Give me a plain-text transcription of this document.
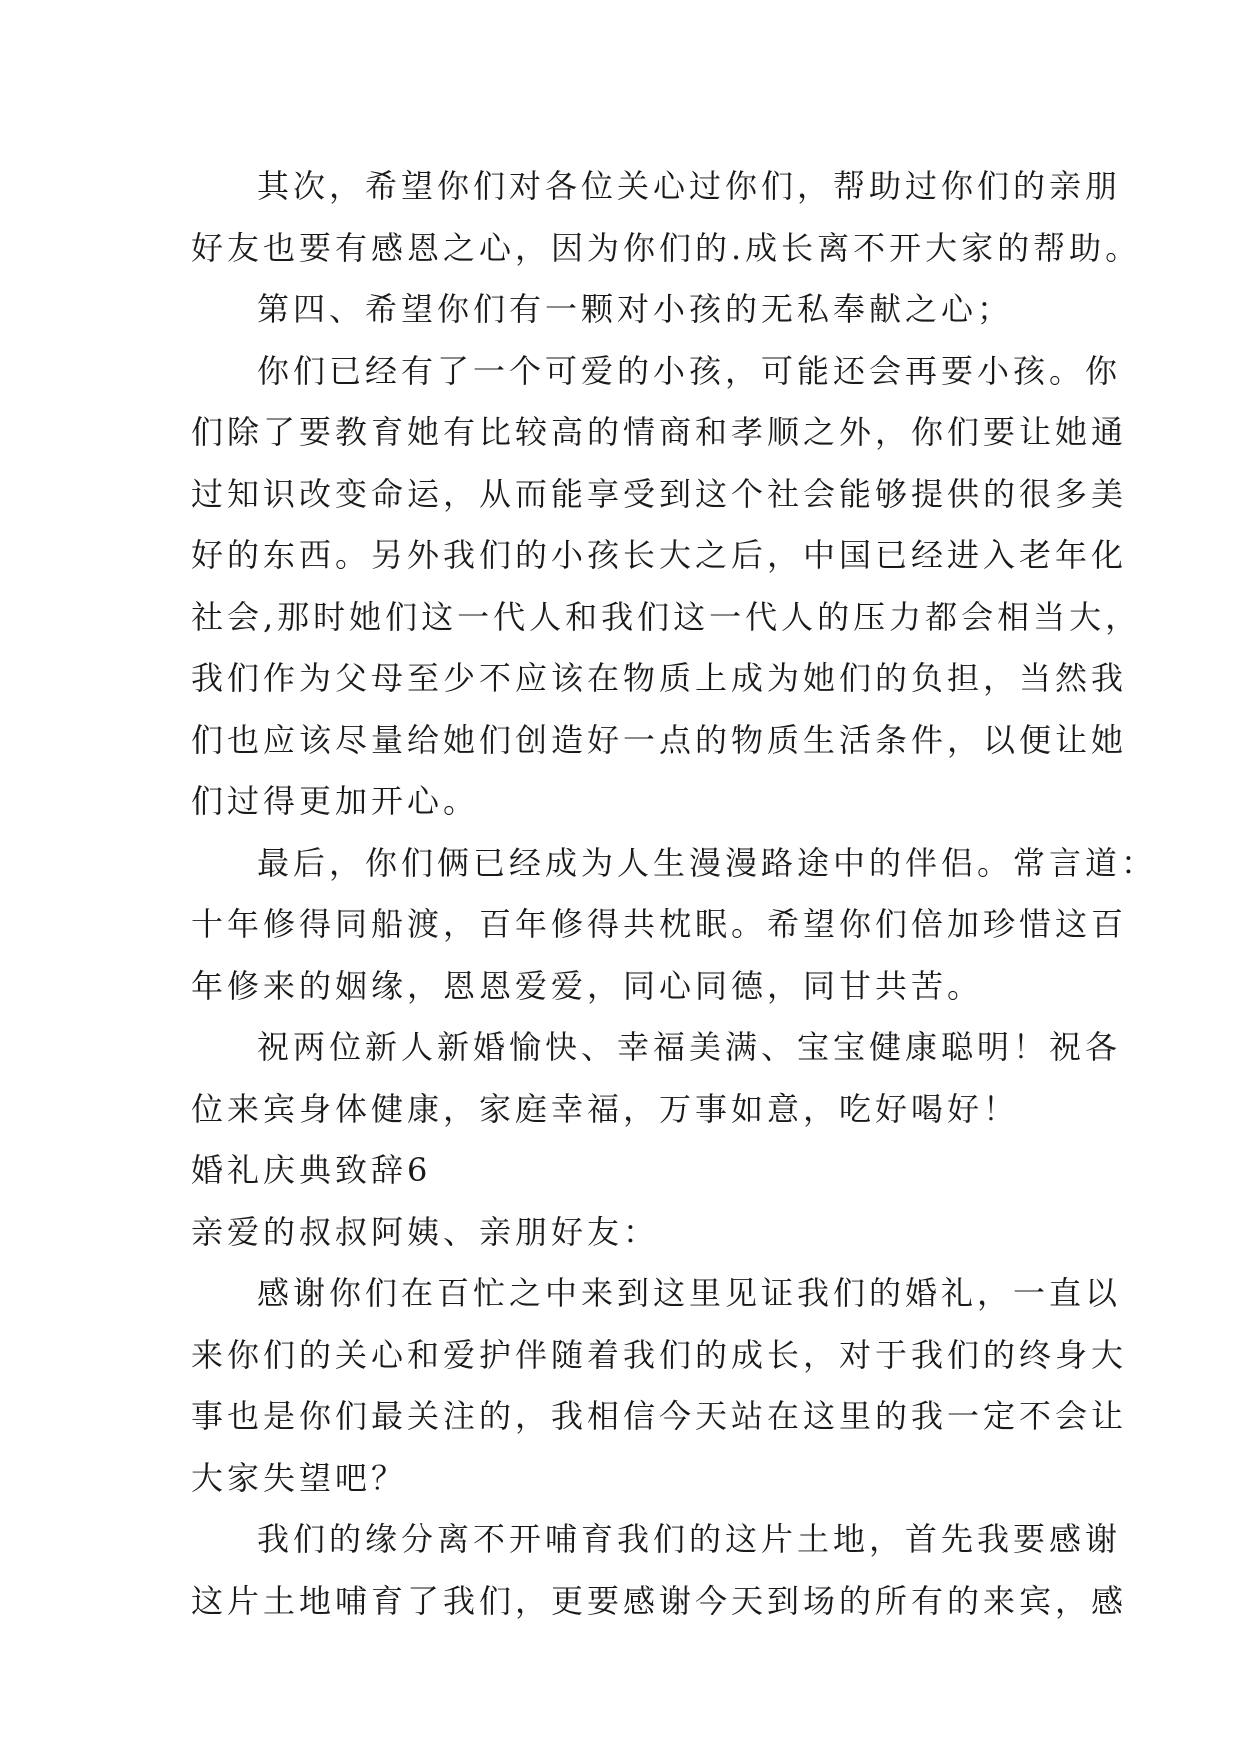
其次，希望你们对各位关心过你们，帮助过你们的亲朋
好友也要有感恩之心，因为你们的.成长离不开大家的帮助。
第四、希望你们有一颗对小孩的无私奉献之心；
你们已经有了一个可爱的小孩，可能还会再要小孩。你
们除了要教育她有比较高的情商和孝顺之外，你们要让她通
过知识改变命运，从而能享受到这个社会能够提供的很多美
好的东西。另外我们的小孩长大之后，中国已经进入老年化
社会,那时她们这一代人和我们这一代人的压力都会相当大，
我们作为父母至少不应该在物质上成为她们的负担，当然我
们也应该尽量给她们创造好一点的物质生活条件，以便让她
们过得更加开心。
最后，你们俩已经成为人生漫漫路途中的伴侣。常言道：
十年修得同船渡，百年修得共枕眠。希望你们倍加珍惜这百
年修来的姻缘，恩恩爱爱，同心同德，同甘共苦。
祝两位新人新婚愉快、幸福美满、宝宝健康聪明！祝各
位来宾身体健康，家庭幸福，万事如意，吃好喝好！
婚礼庆典致辞6
亲爱的叔叔阿姨、亲朋好友：
感谢你们在百忙之中来到这里见证我们的婚礼，一直以
来你们的关心和爱护伴随着我们的成长，对于我们的终身大
事也是你们最关注的，我相信今天站在这里的我一定不会让
大家失望吧？
我们的缘分离不开哺育我们的这片土地，首先我要感谢
这片土地哺育了我们，更要感谢今天到场的所有的来宾，感
